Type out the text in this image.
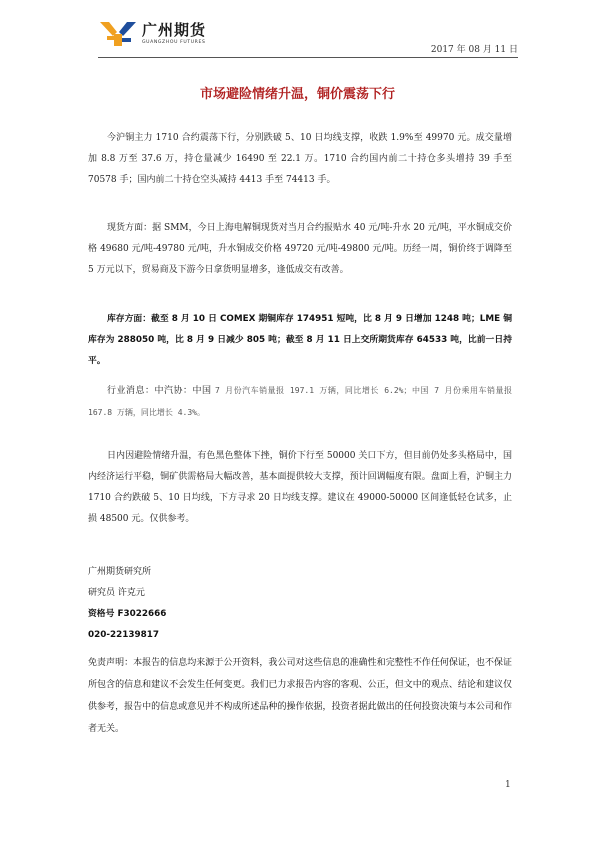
广州期货
GUANGZHOU FUTURES
2017 年 08 月 11 日
市场避险情绪升温，铜价震荡下行

今沪铜主力 1710 合约震荡下行，分别跌破 5、10 日均线支撑，收跌 1.9%至 49970 元。成交量增加 8.8 万至 37.6 万，持仓量减少 16490 至 22.1 万。1710 合约国内前二十持仓多头增持 39 手至 70578 手；国内前二十持仓空头减持 4413 手至 74413 手。

现货方面：据 SMM，今日上海电解铜现货对当月合约报贴水 40 元/吨-升水 20 元/吨，平水铜成交价格 49680 元/吨-49780 元/吨，升水铜成交价格 49720 元/吨-49800 元/吨。历经一周，铜价终于调降至 5 万元以下，贸易商及下游今日拿货明显增多，逢低成交有改善。

库存方面：截至 8 月 10 日 COMEX 期铜库存 174951 短吨，比 8 月 9 日增加 1248 吨；LME 铜库存为 288050 吨，比 8 月 9 日减少 805 吨；截至 8 月 11 日上交所期货库存 64533 吨，比前一日持平。

行业消息：中汽协：中国 7 月份汽车销量报 197.1 万辆，同比增长 6.2%；中国 7 月份乘用车销量报 167.8 万辆，同比增长 4.3%。

日内因避险情绪升温，有色黑色整体下挫，铜价下行至 50000 关口下方，但目前仍处多头格局中，国内经济运行平稳，铜矿供需格局大幅改善，基本面提供较大支撑，预计回调幅度有限。盘面上看，沪铜主力 1710 合约跌破 5、10 日均线，下方寻求 20 日均线支撑。建议在 49000-50000 区间逢低轻仓试多，止损 48500 元。仅供参考。

广州期货研究所
研究员 许克元
资格号 F3022666
020-22139817
免责声明：本报告的信息均来源于公开资料，我公司对这些信息的准确性和完整性不作任何保证，也不保证所包含的信息和建议不会发生任何变更。我们已力求报告内容的客观、公正，但文中的观点、结论和建议仅供参考，报告中的信息或意见并不构成所述品种的操作依据，投资者据此做出的任何投资决策与本公司和作者无关。
1
